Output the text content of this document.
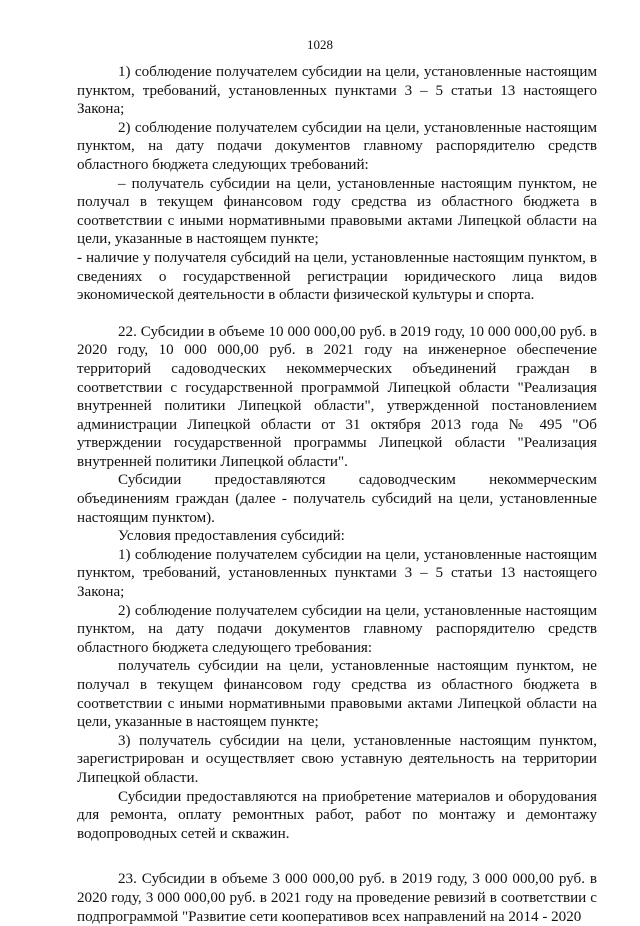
1028

1) соблюдение получателем субсидии на цели, установленные настоящим пунктом, требований, установленных пунктами 3 – 5 статьи 13 настоящего Закона;

2) соблюдение получателем субсидии на цели, установленные настоящим пунктом, на дату подачи документов главному распорядителю средств областного бюджета следующих требований:

– получатель субсидии на цели, установленные настоящим пунктом, не получал в текущем финансовом году средства из областного бюджета в соответствии с иными нормативными правовыми актами Липецкой области на цели, указанные в настоящем пункте;

- наличие у получателя субсидий на цели, установленные настоящим пунктом, в сведениях о государственной регистрации юридического лица видов экономической деятельности в области физической культуры и спорта.

22. Субсидии в объеме 10 000 000,00 руб. в 2019 году, 10 000 000,00 руб. в 2020 году, 10 000 000,00 руб. в 2021 году на инженерное обеспечение территорий садоводческих некоммерческих объединений граждан в соответствии с государственной программой Липецкой области "Реализация внутренней политики Липецкой области", утвержденной постановлением администрации Липецкой области от 31 октября 2013 года № 495 "Об утверждении государственной программы Липецкой области "Реализация внутренней политики Липецкой области".

Субсидии предоставляются садоводческим некоммерческим объединениям граждан (далее - получатель субсидий на цели, установленные настоящим пунктом).

Условия предоставления субсидий:

1) соблюдение получателем субсидии на цели, установленные настоящим пунктом, требований, установленных пунктами 3 – 5 статьи 13 настоящего Закона;

2) соблюдение получателем субсидии на цели, установленные настоящим пунктом, на дату подачи документов главному распорядителю средств областного бюджета следующего требования:

получатель субсидии на цели, установленные настоящим пунктом, не получал в текущем финансовом году средства из областного бюджета в соответствии с иными нормативными правовыми актами Липецкой области на цели, указанные в настоящем пункте;

3) получатель субсидии на цели, установленные настоящим пунктом, зарегистрирован и осуществляет свою уставную деятельность на территории Липецкой области.

Субсидии предоставляются на приобретение материалов и оборудования для ремонта, оплату ремонтных работ, работ по монтажу и демонтажу водопроводных сетей и скважин.

23. Субсидии в объеме 3 000 000,00 руб. в 2019 году, 3 000 000,00 руб. в 2020 году, 3 000 000,00 руб. в 2021 году на проведение ревизий в соответствии с подпрограммой "Развитие сети кооперативов всех направлений на 2014 - 2020
